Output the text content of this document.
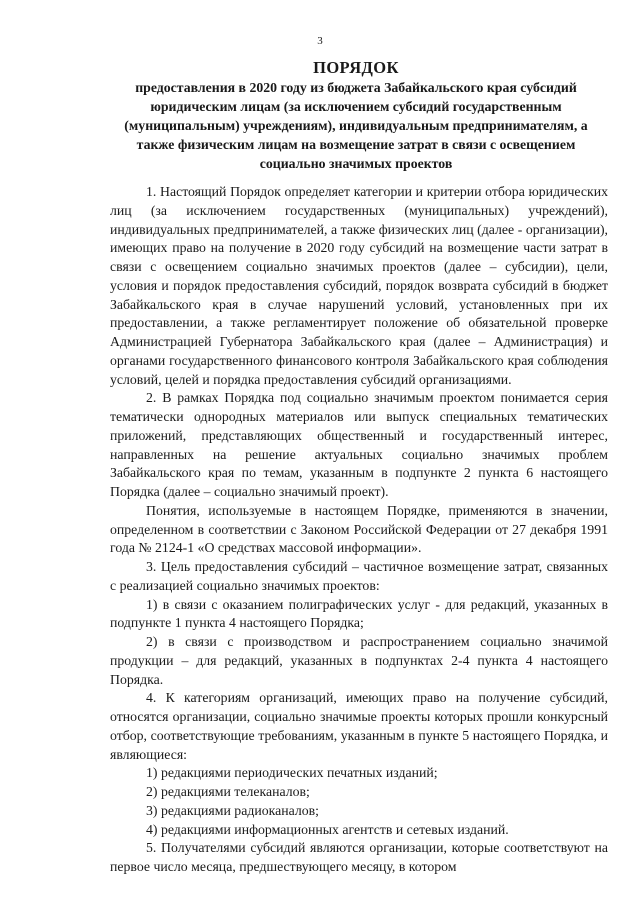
3
ПОРЯДОК
предоставления в 2020 году из бюджета Забайкальского края субсидий юридическим лицам (за исключением субсидий государственным (муниципальным) учреждениям), индивидуальным предпринимателям, а также физическим лицам на возмещение затрат в связи с освещением социально значимых проектов

1. Настоящий Порядок определяет категории и критерии отбора юридических лиц (за исключением государственных (муниципальных) учреждений), индивидуальных предпринимателей, а также физических лиц (далее - организации), имеющих право на получение в 2020 году субсидий на возмещение части затрат в связи с освещением социально значимых проектов (далее – субсидии), цели, условия и порядок предоставления субсидий, порядок возврата субсидий в бюджет Забайкальского края в случае нарушений условий, установленных при их предоставлении, а также регламентирует положение об обязательной проверке Администрацией Губернатора Забайкальского края (далее – Администрация) и органами государственного финансового контроля Забайкальского края соблюдения условий, целей и порядка предоставления субсидий организациями.

2. В рамках Порядка под социально значимым проектом понимается серия тематически однородных материалов или выпуск специальных тематических приложений, представляющих общественный и государственный интерес, направленных на решение актуальных социально значимых проблем Забайкальского края по темам, указанным в подпункте 2 пункта 6 настоящего Порядка (далее – социально значимый проект).

Понятия, используемые в настоящем Порядке, применяются в значении, определенном в соответствии с Законом Российской Федерации от 27 декабря 1991 года № 2124-1 «О средствах массовой информации».

3. Цель предоставления субсидий – частичное возмещение затрат, связанных с реализацией социально значимых проектов:

1) в связи с оказанием полиграфических услуг - для редакций, указанных в подпункте 1 пункта 4 настоящего Порядка;

2) в связи с производством и распространением социально значимой продукции – для редакций, указанных в подпунктах 2-4 пункта 4 настоящего Порядка.

4. К категориям организаций, имеющих право на получение субсидий, относятся организации, социально значимые проекты которых прошли конкурсный отбор, соответствующие требованиям, указанным в пункте 5 настоящего Порядка, и являющиеся:

1) редакциями периодических печатных изданий;

2) редакциями телеканалов;

3) редакциями радиоканалов;

4) редакциями информационных агентств и сетевых изданий.

5. Получателями субсидий являются организации, которые соответствуют на первое число месяца, предшествующего месяцу, в котором
